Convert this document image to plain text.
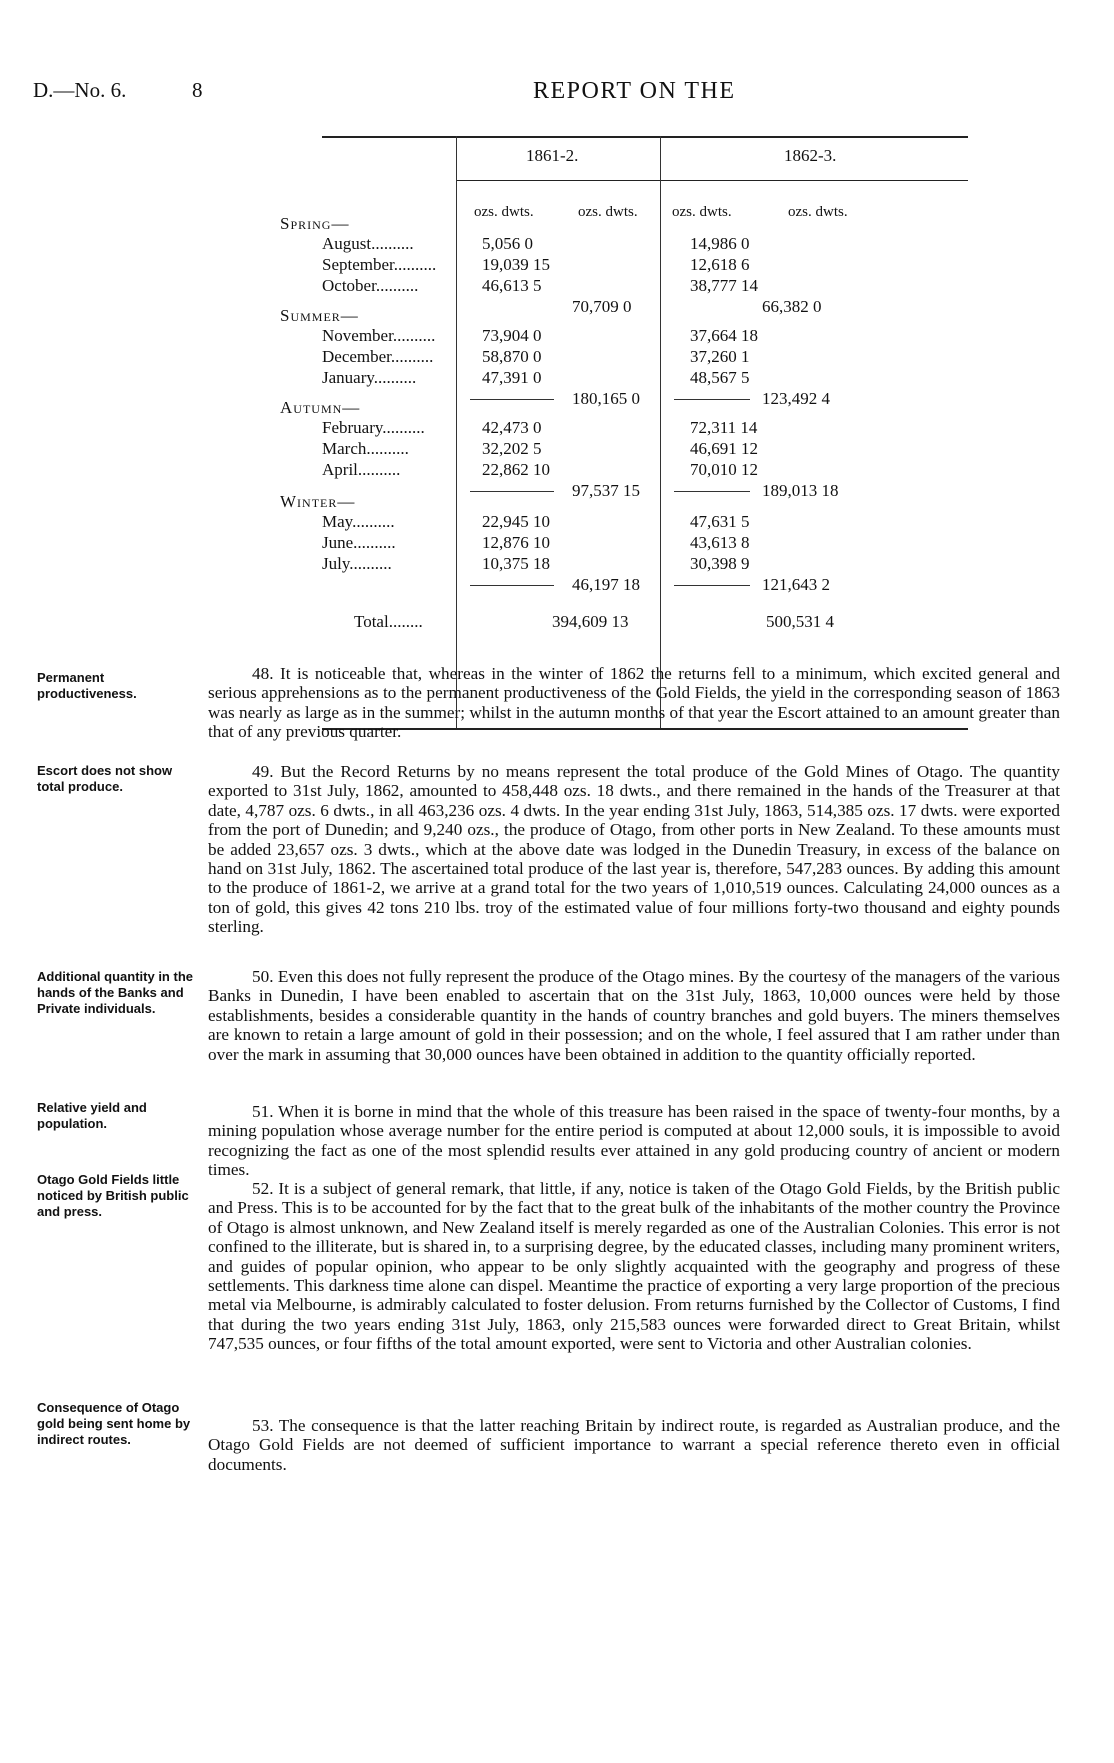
D.—No. 6.	8	REPORT ON THE
1861-2.	1862-3.
ozs. dwts.	ozs. dwts. ozs. dwts.	ozs. dwts.
Spring—
August..........	5,056 0	14,986 0
September..........	19,039 15	12,618 6
October..........	46,613 5	38,777 14
70,709 0	66,382 0
Summer—
November..........	73,904 0	37,664 18
December..........	58,870 0	37,260 1
January..........	47,391 0	48,567 5
180,165 0	123,492 4
Autumn—
February..........	42,473 0	72,311 14
March..........	32,202 5	46,691 12
April..........	22,862 10	70,010 12
97,537 15	189,013 18
Winter—
May..........	22,945 10	47,631 5
June..........	12,876 10	43,613 8
July..........	10,375 18	30,398 9
46,197 18	121,643 2
Total........	394,609 13	500,531 4
Permanent productiveness.
Escort does not show total produce.
Additional quantity in the hands of the Banks and Private individuals.
Relative yield and population.
Otago Gold Fields little noticed by British public and press.
Consequence of Otago gold being sent home by indirect routes.

48. It is noticeable that, whereas in the winter of 1862 the returns fell to a minimum, which excited general and serious apprehensions as to the permanent productiveness of the Gold Fields, the yield in the corresponding season of 1863 was nearly as large as in the summer; whilst in the autumn months of that year the Escort attained to an amount greater than that of any previous quarter.

49. But the Record Returns by no means represent the total produce of the Gold Mines of Otago. The quantity exported to 31st July, 1862, amounted to 458,448 ozs. 18 dwts., and there remained in the hands of the Treasurer at that date, 4,787 ozs. 6 dwts., in all 463,236 ozs. 4 dwts. In the year ending 31st July, 1863, 514,385 ozs. 17 dwts. were exported from the port of Dunedin; and 9,240 ozs., the produce of Otago, from other ports in New Zealand. To these amounts must be added 23,657 ozs. 3 dwts., which at the above date was lodged in the Dunedin Treasury, in excess of the balance on hand on 31st July, 1862. The ascertained total produce of the last year is, therefore, 547,283 ounces. By adding this amount to the produce of 1861-2, we arrive at a grand total for the two years of 1,010,519 ounces. Calculating 24,000 ounces as a ton of gold, this gives 42 tons 210 lbs. troy of the estimated value of four millions forty-two thousand and eighty pounds sterling.

50. Even this does not fully represent the produce of the Otago mines. By the courtesy of the managers of the various Banks in Dunedin, I have been enabled to ascertain that on the 31st July, 1863, 10,000 ounces were held by those establishments, besides a considerable quantity in the hands of country branches and gold buyers. The miners themselves are known to retain a large amount of gold in their possession; and on the whole, I feel assured that I am rather under than over the mark in assuming that 30,000 ounces have been obtained in addition to the quantity officially reported.

51. When it is borne in mind that the whole of this treasure has been raised in the space of twenty-four months, by a mining population whose average number for the entire period is computed at about 12,000 souls, it is impossible to avoid recognizing the fact as one of the most splendid results ever attained in any gold producing country of ancient or modern times.

52. It is a subject of general remark, that little, if any, notice is taken of the Otago Gold Fields, by the British public and Press. This is to be accounted for by the fact that to the great bulk of the inhabitants of the mother country the Province of Otago is almost unknown, and New Zealand itself is merely regarded as one of the Australian Colonies. This error is not confined to the illiterate, but is shared in, to a surprising degree, by the educated classes, including many prominent writers, and guides of popular opinion, who appear to be only slightly acquainted with the geography and progress of these settlements. This darkness time alone can dispel. Meantime the practice of exporting a very large proportion of the precious metal via Melbourne, is admirably calculated to foster delusion. From returns furnished by the Collector of Customs, I find that during the two years ending 31st July, 1863, only 215,583 ounces were forwarded direct to Great Britain, whilst 747,535 ounces, or four fifths of the total amount exported, were sent to Victoria and other Australian colonies.

53. The consequence is that the latter reaching Britain by indirect route, is regarded as Australian produce, and the Otago Gold Fields are not deemed of sufficient importance to warrant a special reference thereto even in official documents.
